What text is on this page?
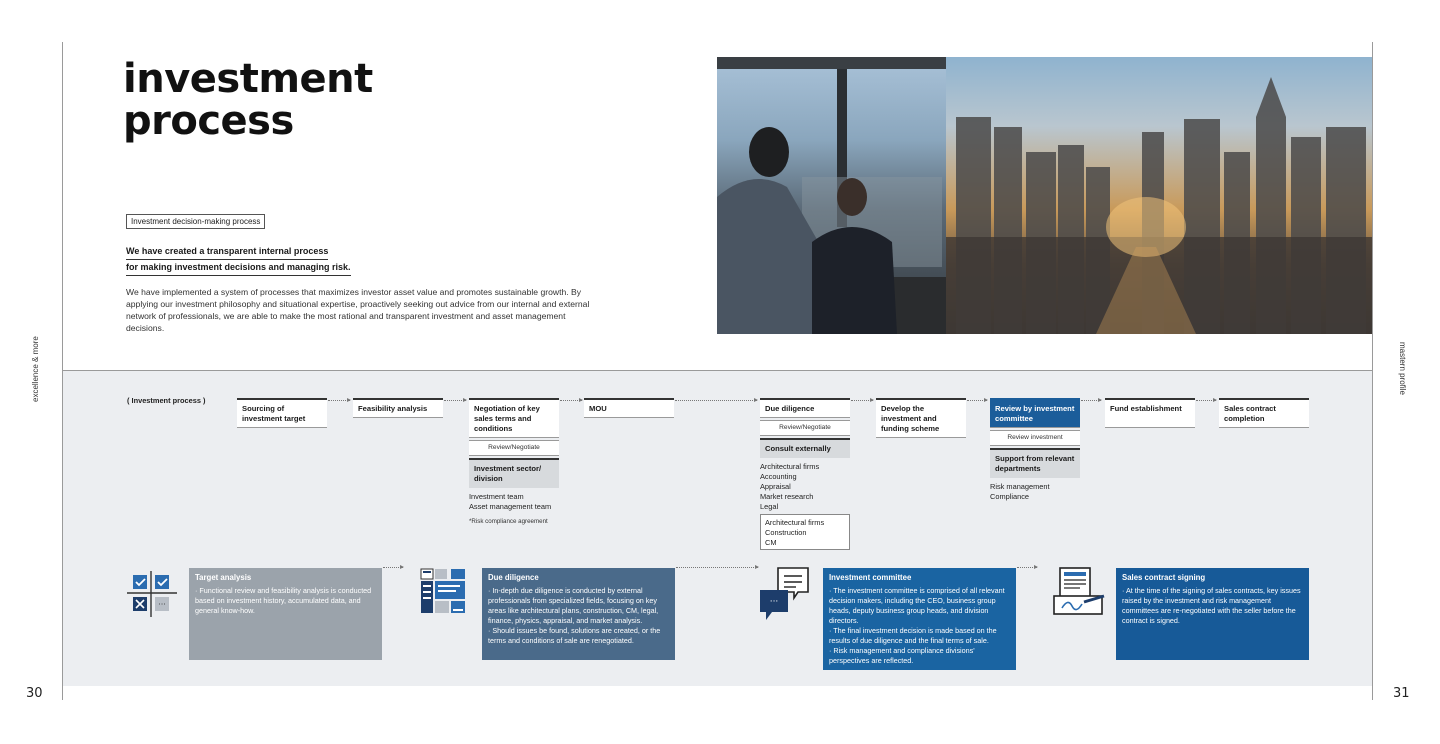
30	31
excellence & more	mastern profile
investment
process
Investment decision-making process
We have created a transparent internal process
for making investment decisions and managing risk.
We have implemented a system of processes that maximizes investor asset value and promotes sustainable growth. By applying our investment philosophy and situational expertise, proactively seeking out advice from our internal and external network of professionals, we are able to make the most rational and transparent investment and asset management decisions.
( Investment process )
Sourcing of investment target
Feasibility analysis	Negotiation of key sales terms and conditions
MOU	Due diligence	Develop the investment and funding scheme
Review by investment committee
Fund establishment	Sales contract completion
Review/Negotiate
Investment sector/ division
Investment team
Asset management team
*Risk compliance agreement
Review/Negotiate
Consult externally
Architectural firms
Accounting
Appraisal
Market research
Legal
Architectural firms
Construction
CM
Review investment
Support from relevant departments
Risk management
Compliance
···	···
Target analysis
· Functional review and feasibility analysis is conducted based on investment history, accumulated data, and general know-how.
Due diligence
· In-depth due diligence is conducted by external professionals from specialized fields, focusing on key areas like architectural plans, construction, CM, legal, finance, physics, appraisal, and market analysis.
· Should issues be found, solutions are created, or the terms and conditions of sale are renegotiated.
Investment committee
· The investment committee is comprised of all relevant decision makers, including the CEO, business group heads, deputy business group heads, and division directors.
· The final investment decision is made based on the results of due diligence and the final terms of sale.
· Risk management and compliance divisions' perspectives are reflected.
Sales contract signing
· At the time of the signing of sales contracts, key issues raised by the investment and risk management committees are re-negotiated with the seller before the contract is signed.
